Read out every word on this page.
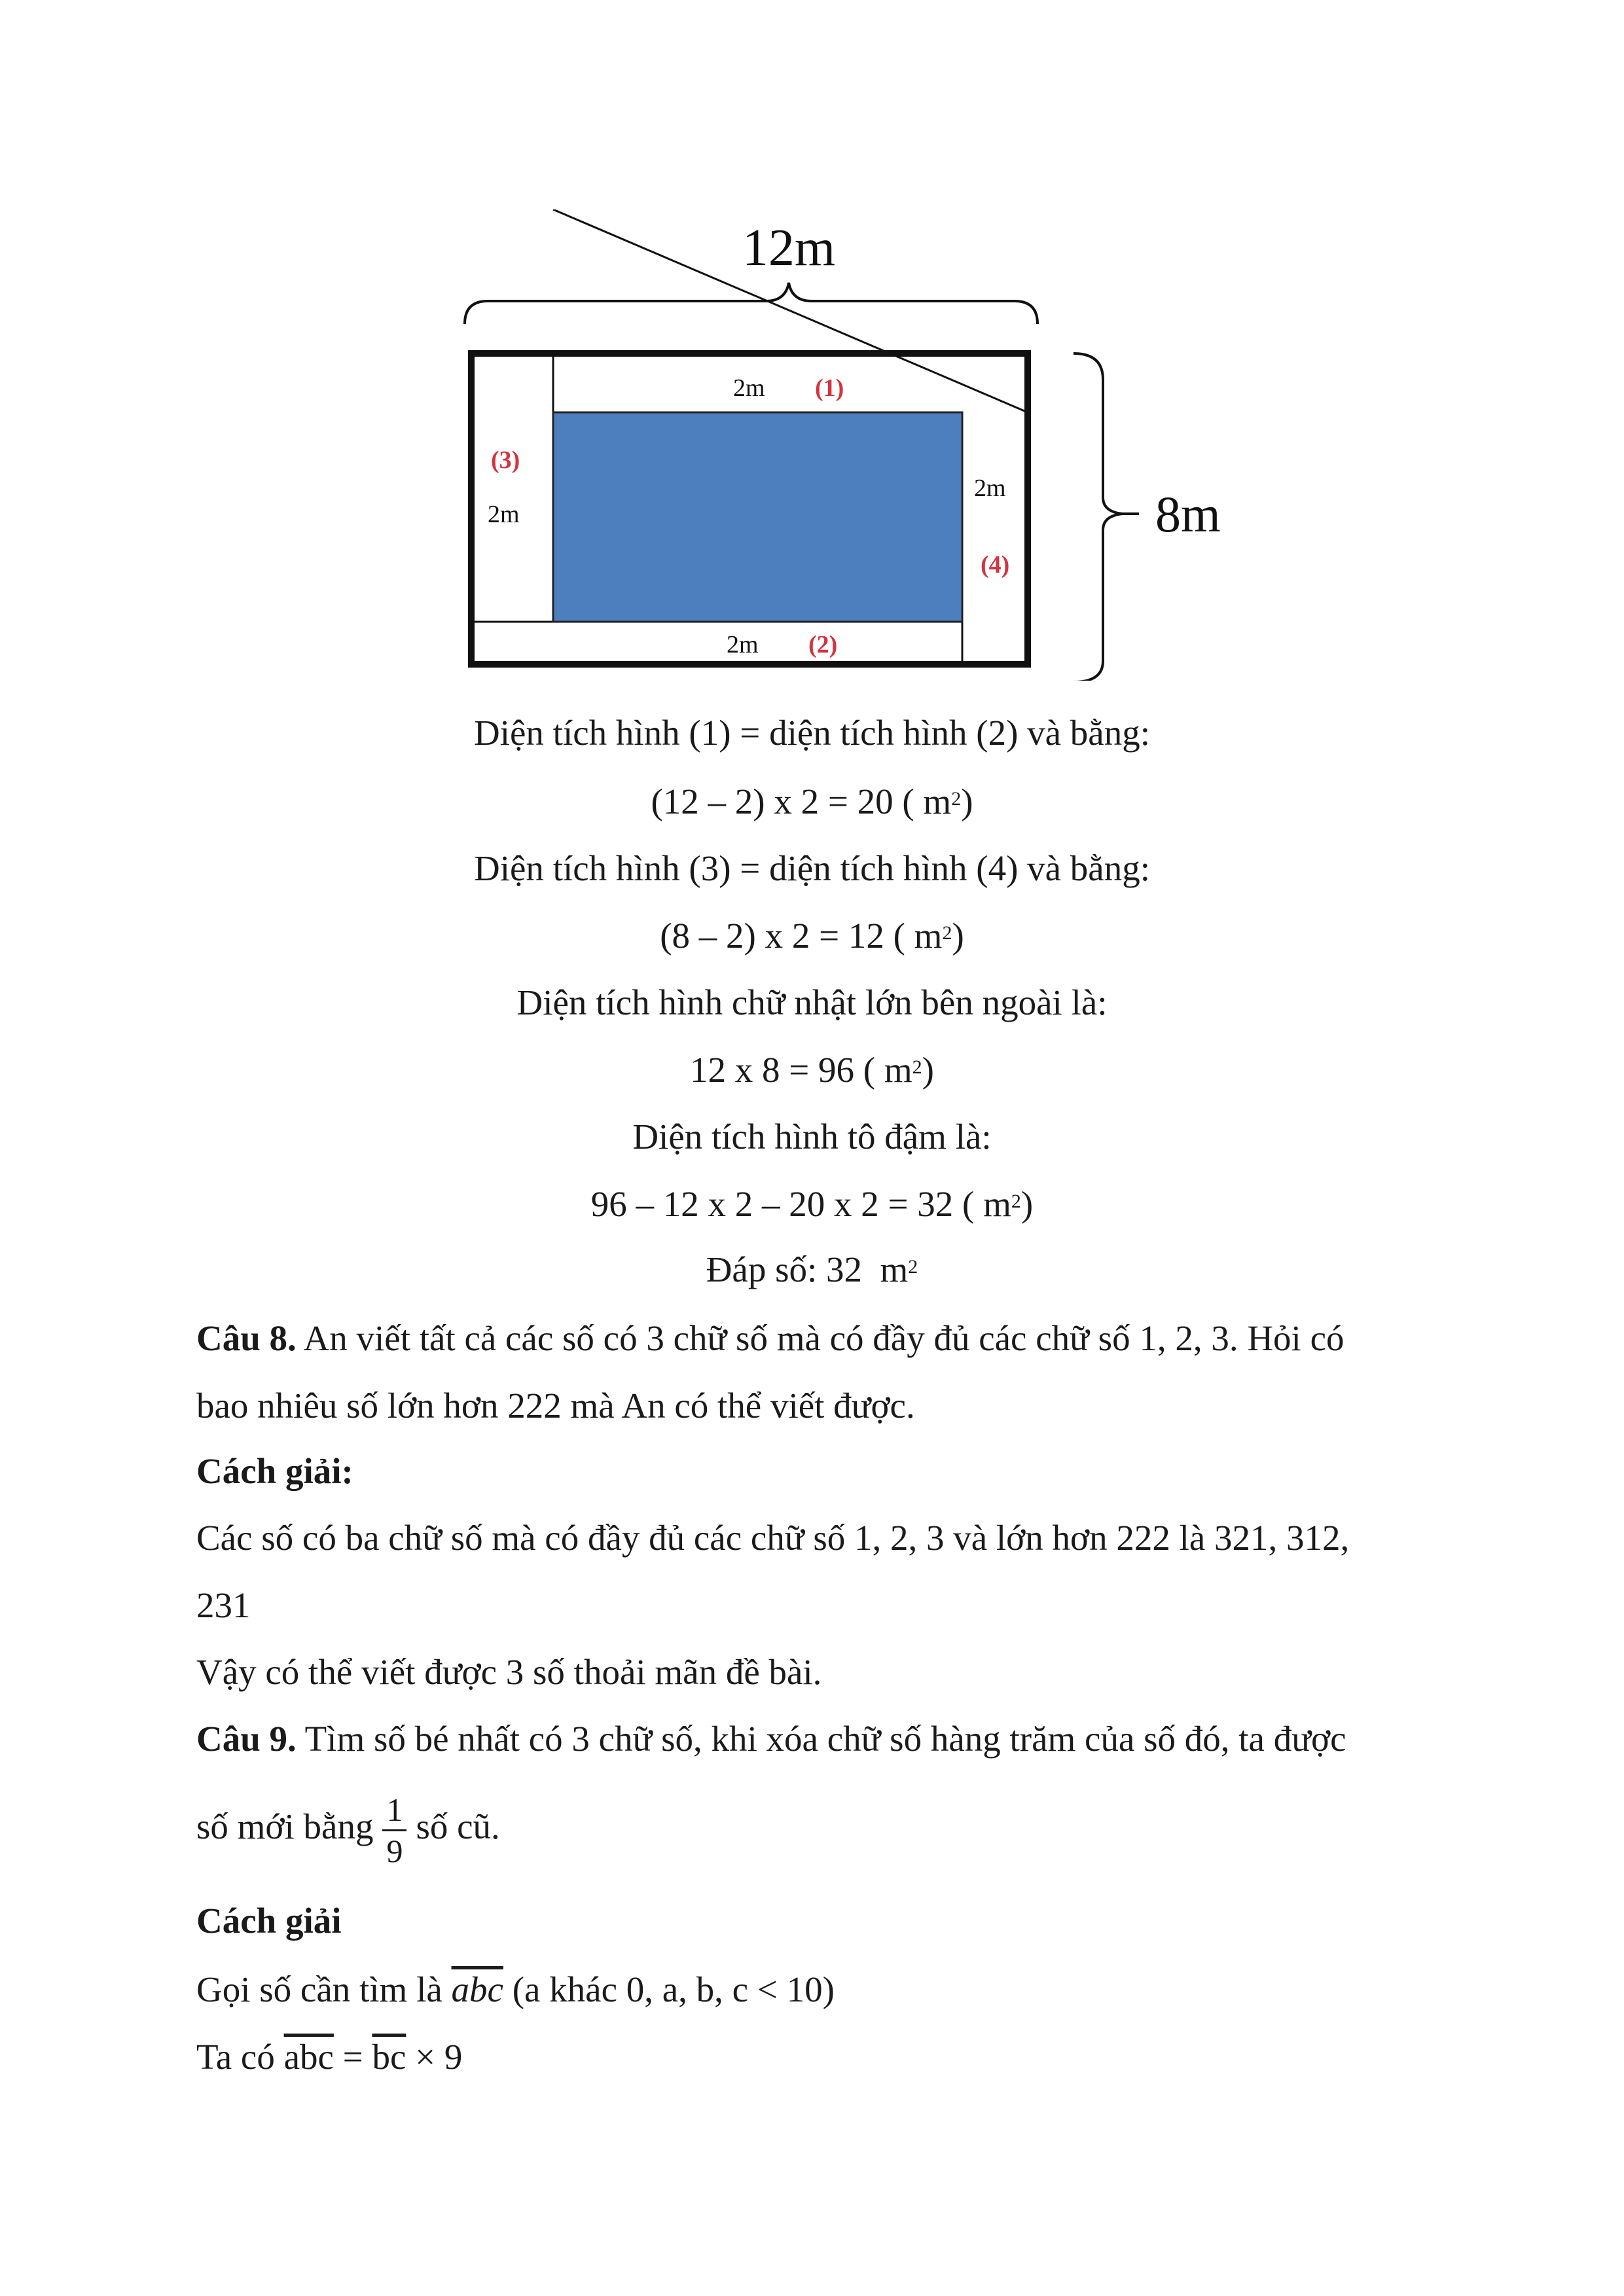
12m
8m
2m (1)
2m (2)
(3)
2m
2m
(4)
Diện tích hình (1) = diện tích hình (2) và bằng:
(12 – 2) x 2 = 20 ( $m^2$)
Diện tích hình (3) = diện tích hình (4) và bằng:
(8 – 2) x 2 = 12 ( $m^2$)
Diện tích hình chữ nhật lớn bên ngoài là:
12 x 8 = 96 ( $m^2$)
Diện tích hình tô đậm là:
96 – 12 x 2 – 20 x 2 = 32 ( $m^2$)
Đáp số: 32 $m^2$
Câu 8. An viết tất cả các số có 3 chữ số mà có đầy đủ các chữ số 1, 2, 3. Hỏi có
bao nhiêu số lớn hơn 222 mà An có thể viết được.
Cách giải:
Các số có ba chữ số mà có đầy đủ các chữ số 1, 2, 3 và lớn hơn 222 là 321, 312,
231
Vậy có thể viết được 3 số thoải mãn đề bài.
Câu 9. Tìm số bé nhất có 3 chữ số, khi xóa chữ số hàng trăm của số đó, ta được
số mới bằng $\frac{1}{9}$ số cũ.
Cách giải
Gọi số cần tìm là $\overline{abc}$ (a khác 0, a, b, c < 10)
Ta có $\overline{abc} = \overline{bc} \times 9$
